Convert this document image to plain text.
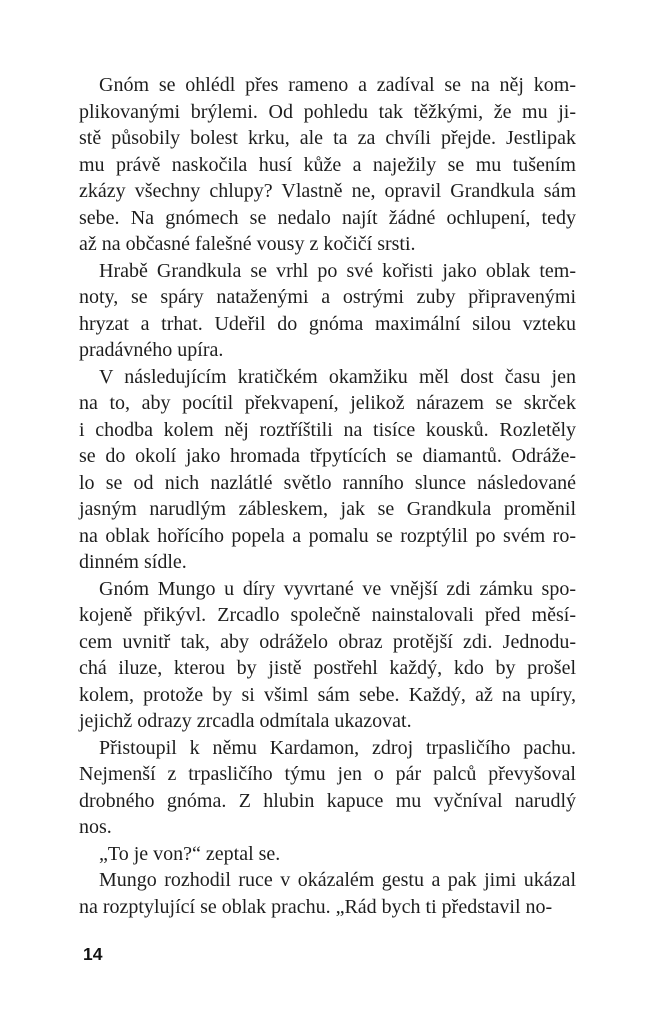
Gnóm se ohlédl přes rameno a zadíval se na něj kom-
plikovanými brýlemi. Od pohledu tak těžkými, že mu ji-
stě působily bolest krku, ale ta za chvíli přejde. Jestlipak
mu právě naskočila husí kůže a naježily se mu tušením
zkázy všechny chlupy? Vlastně ne, opravil Grandkula sám
sebe. Na gnómech se nedalo najít žádné ochlupení, tedy
až na občasné falešné vousy z kočičí srsti.
Hrabě Grandkula se vrhl po své kořisti jako oblak tem-
noty, se spáry nataženými a ostrými zuby připravenými
hryzat a trhat. Udeřil do gnóma maximální silou vzteku
pradávného upíra.
V následujícím kratičkém okamžiku měl dost času jen
na to, aby pocítil překvapení, jelikož nárazem se skrček
i chodba kolem něj roztříštili na tisíce kousků. Rozletěly
se do okolí jako hromada třpytících se diamantů. Odráže-
lo se od nich nazlátlé světlo ranního slunce následované
jasným narudlým zábleskem, jak se Grandkula proměnil
na oblak hořícího popela a pomalu se rozptýlil po svém ro-
dinném sídle.
Gnóm Mungo u díry vyvrtané ve vnější zdi zámku spo-
kojeně přikývl. Zrcadlo společně nainstalovali před měsí-
cem uvnitř tak, aby odráželo obraz protější zdi. Jednodu-
chá iluze, kterou by jistě postřehl každý, kdo by prošel
kolem, protože by si všiml sám sebe. Každý, až na upíry,
jejichž odrazy zrcadla odmítala ukazovat.
Přistoupil k němu Kardamon, zdroj trpasličího pachu.
Nejmenší z trpasličího týmu jen o pár palců převyšoval
drobného gnóma. Z hlubin kapuce mu vyčníval narudlý
nos.
„To je von?“ zeptal se.
Mungo rozhodil ruce v okázalém gestu a pak jimi ukázal
na rozptylující se oblak prachu. „Rád bych ti představil no-
14
